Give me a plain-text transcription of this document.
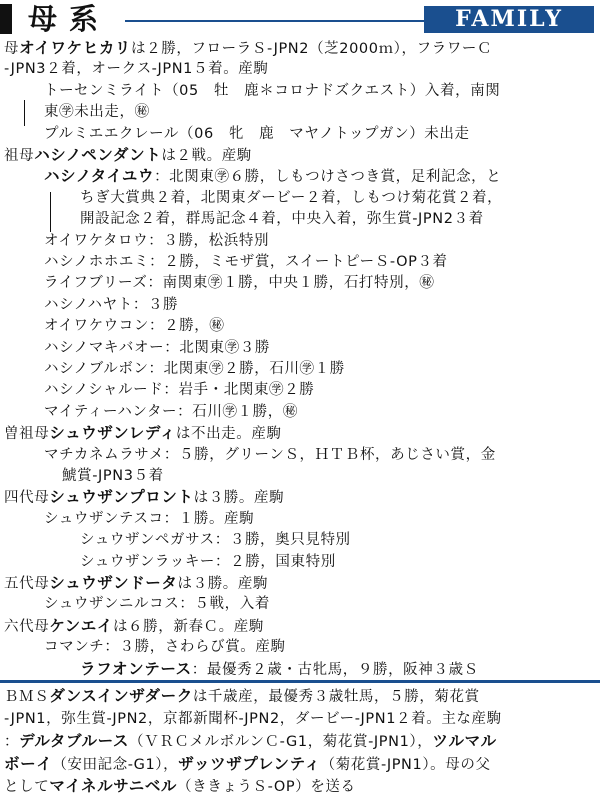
母系	FAMILY
母オイワケヒカリは２勝，フローラＳ-JPN2（芝2000ｍ），フラワーＣ
-JPN3２着，オークス-JPN1５着。産駒
トーセンミライト（05　牡　鹿＊コロナドズクエスト）入着，南関
東㊫未出走，㊙
プルミエエクレール（06　牝　鹿　マヤノトップガン）未出走
祖母ハシノペンダントは２戦。産駒
ハシノタイユウ：北関東㊫６勝，しもつけさつき賞，足利記念，と
ちぎ大賞典２着，北関東ダービー２着，しもつけ菊花賞２着，
開設記念２着，群馬記念４着，中央入着，弥生賞-JPN2３着
オイワケタロウ：３勝，松浜特別
ハシノホホエミ：２勝，ミモザ賞，スイートピーＳ-OP３着
ライフブリーズ：南関東㊫１勝，中央１勝，石打特別，㊙
ハシノハヤト：３勝
オイワケウコン：２勝，㊙
ハシノマキバオー：北関東㊫３勝
ハシノブルボン：北関東㊫２勝，石川㊫１勝
ハシノシャルード：岩手・北関東㊫２勝
マイティーハンター：石川㊫１勝，㊙
曽祖母シュウザンレディは不出走。産駒
マチカネムラサメ：５勝，グリーンＳ，ＨＴＢ杯，あじさい賞，金
鯱賞-JPN3５着
四代母シュウザンプロントは３勝。産駒
シュウザンテスコ：１勝。産駒
シュウザンペガサス：３勝，奥只見特別
シュウザンラッキー：２勝，国東特別
五代母シュウザンドータは３勝。産駒
シュウザンニルコス：５戦，入着
六代母ケンエイは６勝，新春Ｃ。産駒
コマンチ：３勝，さわらび賞。産駒
ラフオンテース：最優秀２歳・古牝馬，９勝，阪神３歳Ｓ
ＢＭＳダンスインザダークは千歳産，最優秀３歳牡馬，５勝，菊花賞
-JPN1，弥生賞-JPN2，京都新聞杯-JPN2，ダービー-JPN1２着。主な産駒
：デルタブルース（ＶＲＣメルボルンＣ-G1，菊花賞-JPN1），ツルマル
ボーイ（安田記念-G1），ザッツザプレンティ（菊花賞-JPN1）。母の父
としてマイネルサニベル（ききょうＳ-OP）を送る
